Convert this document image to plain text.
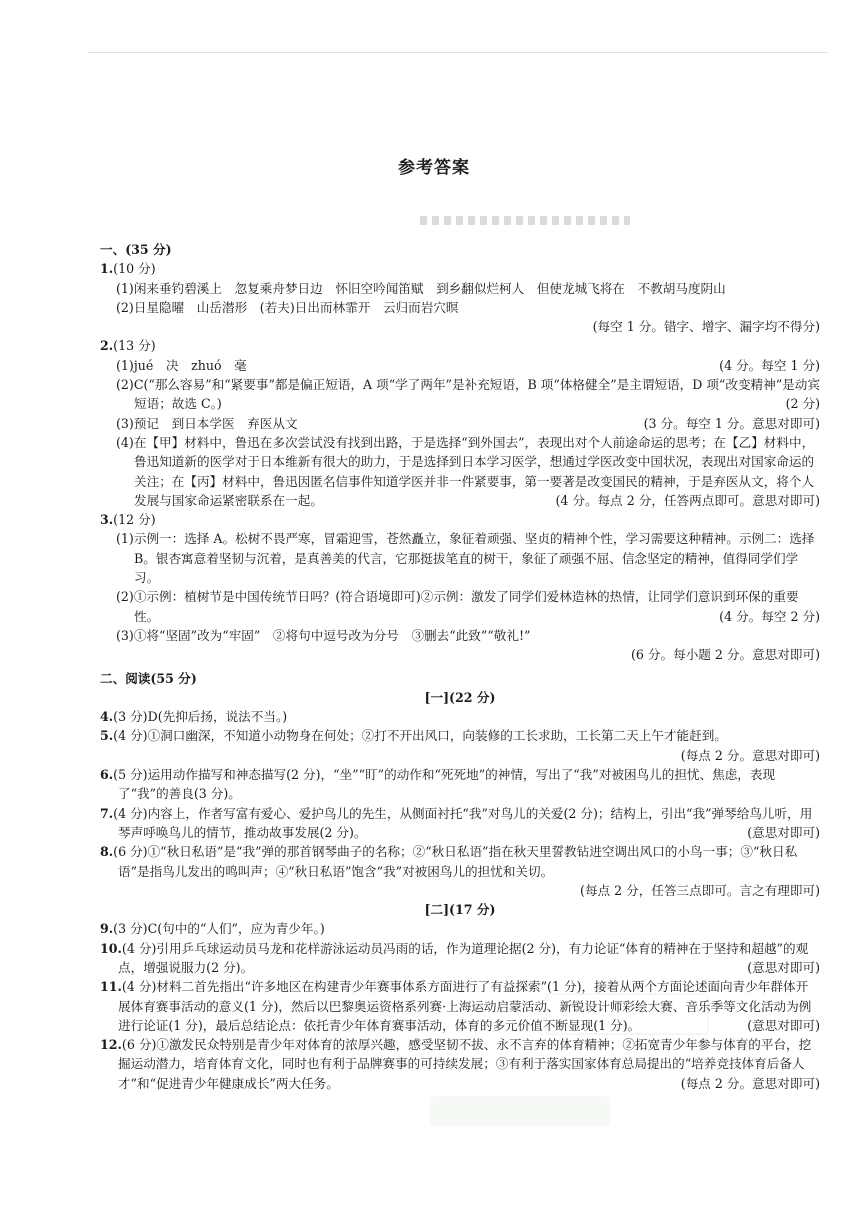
参考答案

一、(35 分)

1.(10 分)

(1)闲来垂钓碧溪上　忽复乘舟梦日边　怀旧空吟闻笛赋　到乡翻似烂柯人　但使龙城飞将在　不教胡马度阴山

(2)日星隐曜　山岳潜形　(若夫)日出而林霏开　云归而岩穴暝

(每空 1 分。错字、增字、漏字均不得分)

2.(13 分)

(4 分。每空 1 分)
(1)jué　决　zhuó　毫

(2)C(“那么容易”和“紧要事”都是偏正短语，A 项“学了两年”是补充短语，B 项“体格健全”是主谓短语，D 项“改变精神”是动宾短语；故选 C。)	(2 分)

(3 分。每空 1 分。意思对即可)
(3)预记　到日本学医　弃医从文

(4)在【甲】材料中，鲁迅在多次尝试没有找到出路，于是选择“到外国去”，表现出对个人前途命运的思考；在【乙】材料中，鲁迅知道新的医学对于日本维新有很大的助力，于是选择到日本学习医学，想通过学医改变中国状况，表现出对国家命运的关注；在【丙】材料中，鲁迅因匿名信事件知道学医并非一件紧要事，第一要著是改变国民的精神，于是弃医从文，将个人发展与国家命运紧密联系在一起。	(4 分。每点 2 分，任答两点即可。意思对即可)

3.(12 分)

(1)示例一：选择 A。松树不畏严寒，冒霜迎雪，苍然矗立，象征着顽强、坚贞的精神个性，学习需要这种精神。示例二：选择 B。银杏寓意着坚韧与沉着，是真善美的代言，它那挺拔笔直的树干，象征了顽强不屈、信念坚定的精神，值得同学们学习。

(2)①示例：植树节是中国传统节日吗？(符合语境即可)②示例：激发了同学们爱林造林的热情，让同学们意识到环保的重要性。	(4 分。每空 2 分)

(3)①将“坚固”改为“牢固”　②将句中逗号改为分号　③删去“此致”“敬礼!”

(6 分。每小题 2 分。意思对即可)

二、阅读(55 分)

[一](22 分)

4.(3 分)D(先抑后扬，说法不当。)

5.(4 分)①洞口幽深，不知道小动物身在何处；②打不开出风口，向装修的工长求助，工长第二天上午才能赶到。

(每点 2 分。意思对即可)

6.(5 分)运用动作描写和神态描写(2 分)，“坐”“盯”的动作和“死死地”的神情，写出了“我”对被困鸟儿的担忧、焦虑，表现了“我”的善良(3 分)。

7.(4 分)内容上，作者写富有爱心、爱护鸟儿的先生，从侧面衬托“我”对鸟儿的关爱(2 分)；结构上，引出“我”弹琴给鸟儿听，用琴声呼唤鸟儿的情节，推动故事发展(2 分)。	(意思对即可)

8.(6 分)①“秋日私语”是“我”弹的那首钢琴曲子的名称；②“秋日私语”指在秋天里誓教钻进空调出风口的小鸟一事；③“秋日私语”是指鸟儿发出的鸣叫声；④“秋日私语”饱含“我”对被困鸟儿的担忧和关切。

(每点 2 分，任答三点即可。言之有理即可)

[二](17 分)

9.(3 分)C(句中的“人们”，应为青少年。)

10.(4 分)引用乒乓球运动员马龙和花样游泳运动员冯雨的话，作为道理论据(2 分)，有力论证“体育的精神在于坚持和超越”的观点，增强说服力(2 分)。	(意思对即可)

11.(4 分)材料二首先指出“许多地区在构建青少年赛事体系方面进行了有益探索”(1 分)，接着从两个方面论述面向青少年群体开展体育赛事活动的意义(1 分)，然后以巴黎奥运资格系列赛·上海运动启蒙活动、新锐设计师彩绘大赛、音乐季等文化活动为例进行论证(1 分)，最后总结论点：依托青少年体育赛事活动，体育的多元价值不断显现(1 分)。	(意思对即可)

12.(6 分)①激发民众特别是青少年对体育的浓厚兴趣，感受坚韧不拔、永不言弃的体育精神；②拓宽青少年参与体育的平台，挖掘运动潜力，培育体育文化，同时也有利于品牌赛事的可持续发展；③有利于落实国家体育总局提出的“培养竞技体育后备人才”和“促进青少年健康成长”两大任务。	(每点 2 分。意思对即可)
